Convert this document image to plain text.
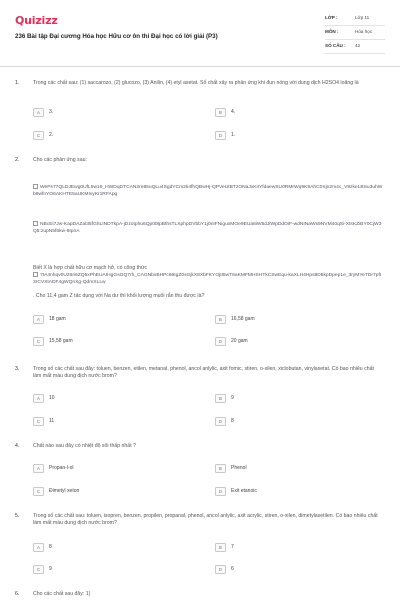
Quizizz
236 Bài tập Đại cương Hóa học Hữu cơ ôn thi Đại học có lời giải (P3)
LỚP :	Lớp 11
MÔN :	Hóa học
SỐ CÂU :	42
1.	Trong các chất sau: (1) saccarozo, (2) glucozo, (3) Anilin, (4) etyl axetat. Số chất xảy ra phản ứng khi đun nóng với dung dịch H2SO4 loãng là
A	3.	B	4.
C	2.	D	1.
2.	Cho các phản ứng sau:
WePs77QLDJEwg0UfL5w19_HWDqDTCAN2re85uQLu4SgdYCm2ti4fhQBwHj-QPVeUtBTzONaJxKiIYfdaewSU0RMrWq9K9AhC0Xjn2m4c_V9zkeLBSu3uhWb9wfnYO6AKHTE5aUKMIvyKr1RFApg
NBcEi7Jw-KapDAZal35fGhLINDTkpA-jDzotphu6Qp0t8pBthsTLXphpDVbbY1j0nIFNiguxMOe9EUa6iW5dJlWpDdOiF-wdNINaWs9NVM40qSi-XtsKZiBY0CjW3Q5:zupN5f6kw-8IpnA
Biết X là hợp chất hữu cơ mạch hở, có công thức
7tA4nhqv0U26ri6ZQ5xPhEUAIHgGsOQ7rh_CAGNbxBHPc66IgZ0sGjkX8XbFKYOjtI5wT6aKMFMHSHTkCSwEqu-kaXLH4Hps8D6kpDpep1e_3ryMYeTDr7pfI3rCVXtADF4gWQnXg-QdmXLLw
. Cho 11,4 gam Z tác dụng với Na dư thì khối lượng muối rắn thu được là?
A	18 gam	B	16,58 gam
C	15,58 gam	D	20 gam
3.	Trong số các chất sau đây: toluen, benzen, etilen, metanal, phenol, ancol anlylic, axit fomic, stiren, o-xilen, xiclobutan, vinylaxetat. Có bao nhiêu chất làm mất màu dung dịch nước brom?
A	10	B	9
C	11	D	8
4.	Chất nào sau đây có nhiệt độ sôi thấp nhất ?
A	Propan-l-ol	B	Phenol
C	Đimetyl xeton	D	Exit etanoic
5.	Trong số các chất sau: toluen, isopren, benzen, propilen, propanal, phenol, ancol anlylic, axit acrylic, stiren, o-xilen, dimetylaxetilen. Có bao nhiêu chất làm mất màu dung dịch nước brom?
A	8	B	7
C	9	D	6
6.	Cho các chất sau đây: 1)
